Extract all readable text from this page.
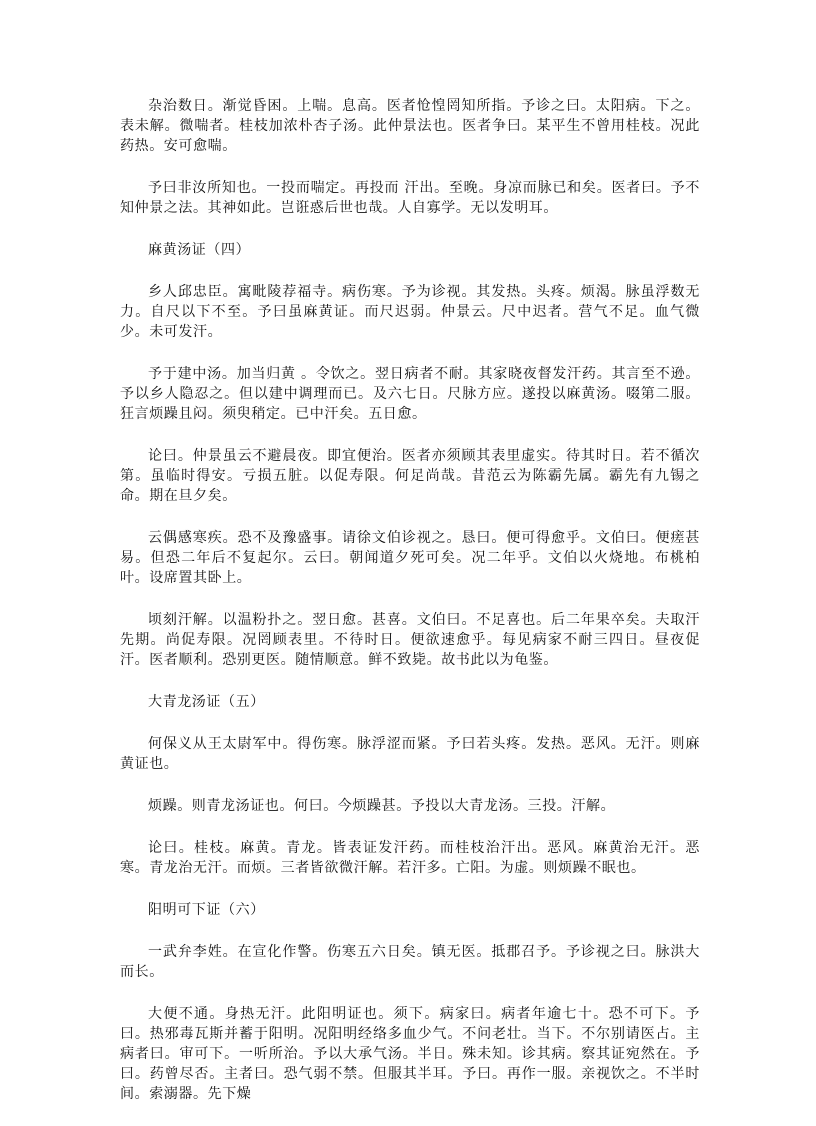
杂治数日。渐觉昏困。上喘。息高。医者怆惶罔知所指。予诊之曰。太阳病。下之。表未解。微喘者。桂枝加浓朴杏子汤。此仲景法也。医者争曰。某平生不曾用桂枝。况此药热。安可愈喘。

予曰非汝所知也。一投而喘定。再投而 汗出。至晚。身凉而脉已和矣。医者曰。予不知仲景之法。其神如此。岂诳惑后世也哉。人自寡学。无以发明耳。

麻黄汤证（四）

乡人邱忠臣。寓毗陵荐福寺。病伤寒。予为诊视。其发热。头疼。烦渴。脉虽浮数无力。自尺以下不至。予曰虽麻黄证。而尺迟弱。仲景云。尺中迟者。营气不足。血气微少。未可发汗。

予于建中汤。加当归黄 。令饮之。翌日病者不耐。其家晓夜督发汗药。其言至不逊。予以乡人隐忍之。但以建中调理而已。及六七日。尺脉方应。遂投以麻黄汤。啜第二服。狂言烦躁且闷。须臾稍定。已中汗矣。五日愈。

论曰。仲景虽云不避晨夜。即宜便治。医者亦须顾其表里虚实。待其时日。若不循次第。虽临时得安。亏损五脏。以促寿限。何足尚哉。昔范云为陈霸先属。霸先有九锡之命。期在旦夕矣。

云偶感寒疾。恐不及豫盛事。请徐文伯诊视之。恳曰。便可得愈乎。文伯曰。便瘥甚易。但恐二年后不复起尔。云曰。朝闻道夕死可矣。况二年乎。文伯以火烧地。布桃柏叶。设席置其卧上。

顷刻汗解。以温粉扑之。翌日愈。甚喜。文伯曰。不足喜也。后二年果卒矣。夫取汗先期。尚促寿限。况罔顾表里。不待时日。便欲速愈乎。每见病家不耐三四日。昼夜促汗。医者顺利。恐别更医。随情顺意。鲜不致毙。故书此以为龟鉴。

大青龙汤证（五）

何保义从王太尉军中。得伤寒。脉浮涩而紧。予曰若头疼。发热。恶风。无汗。则麻黄证也。

烦躁。则青龙汤证也。何曰。今烦躁甚。予投以大青龙汤。三投。汗解。

论曰。桂枝。麻黄。青龙。皆表证发汗药。而桂枝治汗出。恶风。麻黄治无汗。恶寒。青龙治无汗。而烦。三者皆欲微汗解。若汗多。亡阳。为虚。则烦躁不眠也。

阳明可下证（六）

一武弁李姓。在宣化作警。伤寒五六日矣。镇无医。抵郡召予。予诊视之曰。脉洪大而长。

大便不通。身热无汗。此阳明证也。须下。病家曰。病者年逾七十。恐不可下。予曰。热邪毒瓦斯并蓄于阳明。况阳明经络多血少气。不问老壮。当下。不尔别请医占。主病者曰。审可下。一听所治。予以大承气汤。半日。殊未知。诊其病。察其证宛然在。予曰。药曾尽否。主者曰。恐气弱不禁。但服其半耳。予曰。再作一服。亲视饮之。不半时间。索溺器。先下燥
